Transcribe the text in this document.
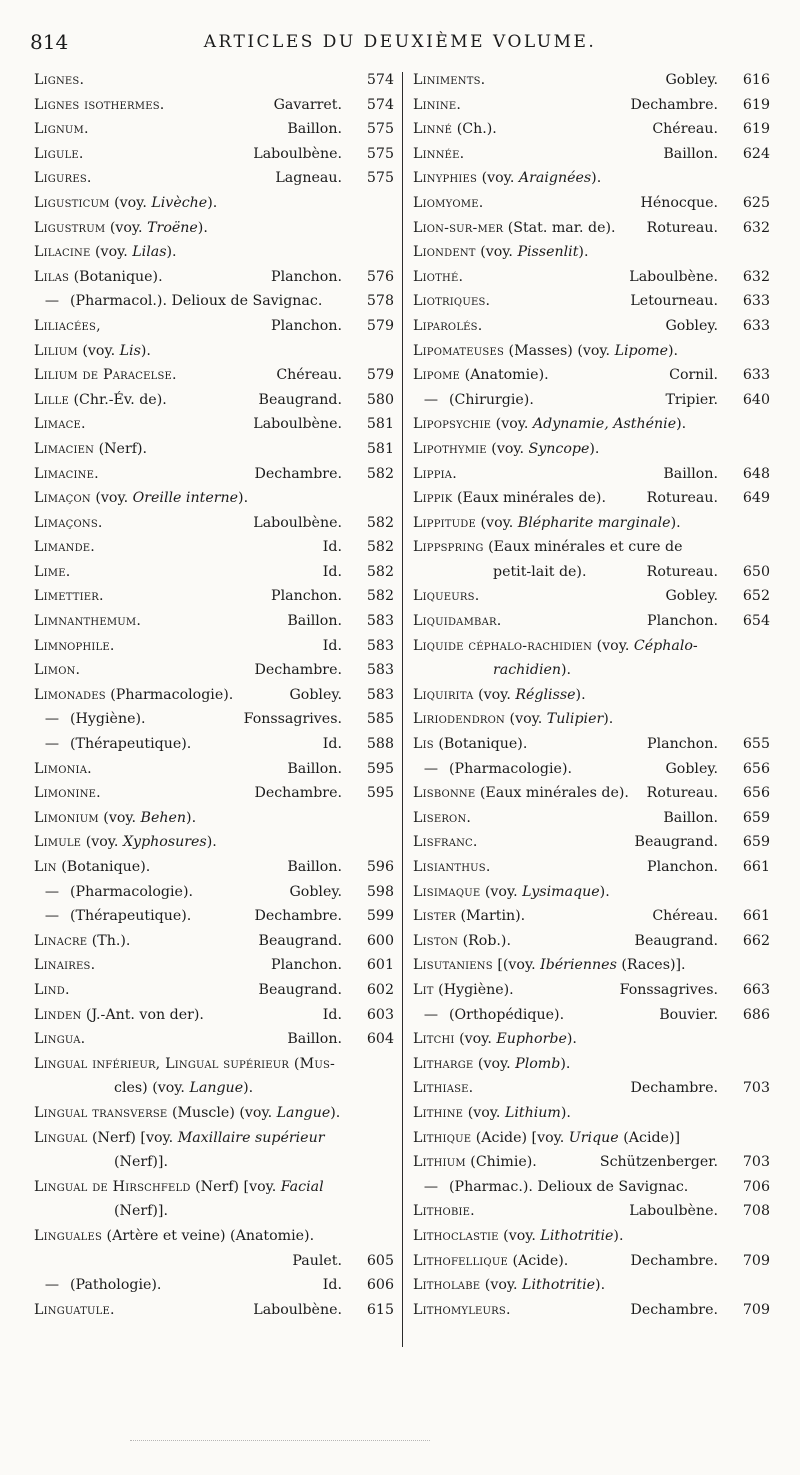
814	ARTICLES DU DEUXIÈME VOLUME.
Lignes.	574
Lignes isothermes.	Gavarret. 574
Lignum.	Baillon. 575
Ligule.	Laboulbène. 575
Ligures.	Lagneau. 575
Ligusticum (voy. Livèche).
Ligustrum (voy. Troëne).
Lilacine (voy. Lilas).
Lilas (Botanique).	Planchon. 576
— (Pharmacol.). Delioux de Savignac.	578
Liliacées,	Planchon. 579
Lilium (voy. Lis).
Lilium de Paracelse.	Chéreau. 579
Lille (Chr.-Év. de).	Beaugrand. 580
Limace.	Laboulbène. 581
Limacien (Nerf).	581
Limacine.	Dechambre. 582
Limaçon (voy. Oreille interne).
Limaçons.	Laboulbène. 582
Limande.	Id. 582
Lime.	Id. 582
Limettier.	Planchon. 582
Limnanthemum.	Baillon. 583
Limnophile.	Id. 583
Limon.	Dechambre. 583
Limonades (Pharmacologie).	Gobley. 583
— (Hygiène).	Fonssagrives. 585
— (Thérapeutique).	Id. 588
Limonia.	Baillon. 595
Limonine.	Dechambre. 595
Limonium (voy. Behen).
Limule (voy. Xyphosures).
Lin (Botanique).	Baillon. 596
— (Pharmacologie).	Gobley. 598
— (Thérapeutique).	Dechambre. 599
Linacre (Th.).	Beaugrand. 600
Linaires.	Planchon. 601
Lind.	Beaugrand. 602
Linden (J.-Ant. von der).	Id. 603
Lingua.	Baillon. 604
Lingual inférieur, Lingual supérieur (Mus-
cles) (voy. Langue).
Lingual transverse (Muscle) (voy. Langue).
Lingual (Nerf) [voy. Maxillaire supérieur
(Nerf)].
Lingual de Hirschfeld (Nerf) [voy. Facial
(Nerf)].
Linguales (Artère et veine) (Anatomie).
Paulet. 605
— (Pathologie).	Id. 606
Linguatule.	Laboulbène. 615
Liniments.	Gobley. 616
Linine.	Dechambre. 619
Linné (Ch.).	Chéreau. 619
Linnée.	Baillon. 624
Linyphies (voy. Araignées).
Liomyome.	Hénocque. 625
Lion-sur-mer (Stat. mar. de). Rotureau. 632
Liondent (voy. Pissenlit).
Liothé.	Laboulbène. 632
Liotriques.	Letourneau. 633
Liparolés.	Gobley. 633
Lipomateuses (Masses) (voy. Lipome).
Lipome (Anatomie).	Cornil. 633
— (Chirurgie).	Tripier. 640
Lipopsychie (voy. Adynamie, Asthénie).
Lipothymie (voy. Syncope).
Lippia.	Baillon. 648
Lippik (Eaux minérales de).	Rotureau. 649
Lippitude (voy. Blépharite marginale).
Lippspring (Eaux minérales et cure de
petit-lait de).	Rotureau. 650
Liqueurs.	Gobley. 652
Liquidambar.	Planchon. 654
Liquide céphalo-rachidien (voy. Céphalo-
rachidien).
Liquirita (voy. Réglisse).
Liriodendron (voy. Tulipier).
Lis (Botanique).	Planchon. 655
— (Pharmacologie).	Gobley. 656
Lisbonne (Eaux minérales de). Rotureau. 656
Liseron.	Baillon. 659
Lisfranc.	Beaugrand. 659
Lisianthus.	Planchon. 661
Lisimaque (voy. Lysimaque).
Lister (Martin).	Chéreau. 661
Liston (Rob.).	Beaugrand. 662
Lisutaniens [(voy. Ibériennes (Races)].
Lit (Hygiène).	Fonssagrives. 663
— (Orthopédique).	Bouvier. 686
Litchi (voy. Euphorbe).
Litharge (voy. Plomb).
Lithiase.	Dechambre. 703
Lithine (voy. Lithium).
Lithique (Acide) [voy. Urique (Acide)]
Lithium (Chimie).	Schützenberger. 703
— (Pharmac.). Delioux de Savignac.	706
Lithobie.	Laboulbène. 708
Lithoclastie (voy. Lithotritie).
Lithofellique (Acide).	Dechambre. 709
Litholabe (voy. Lithotritie).
Lithomyleurs.	Dechambre. 709
